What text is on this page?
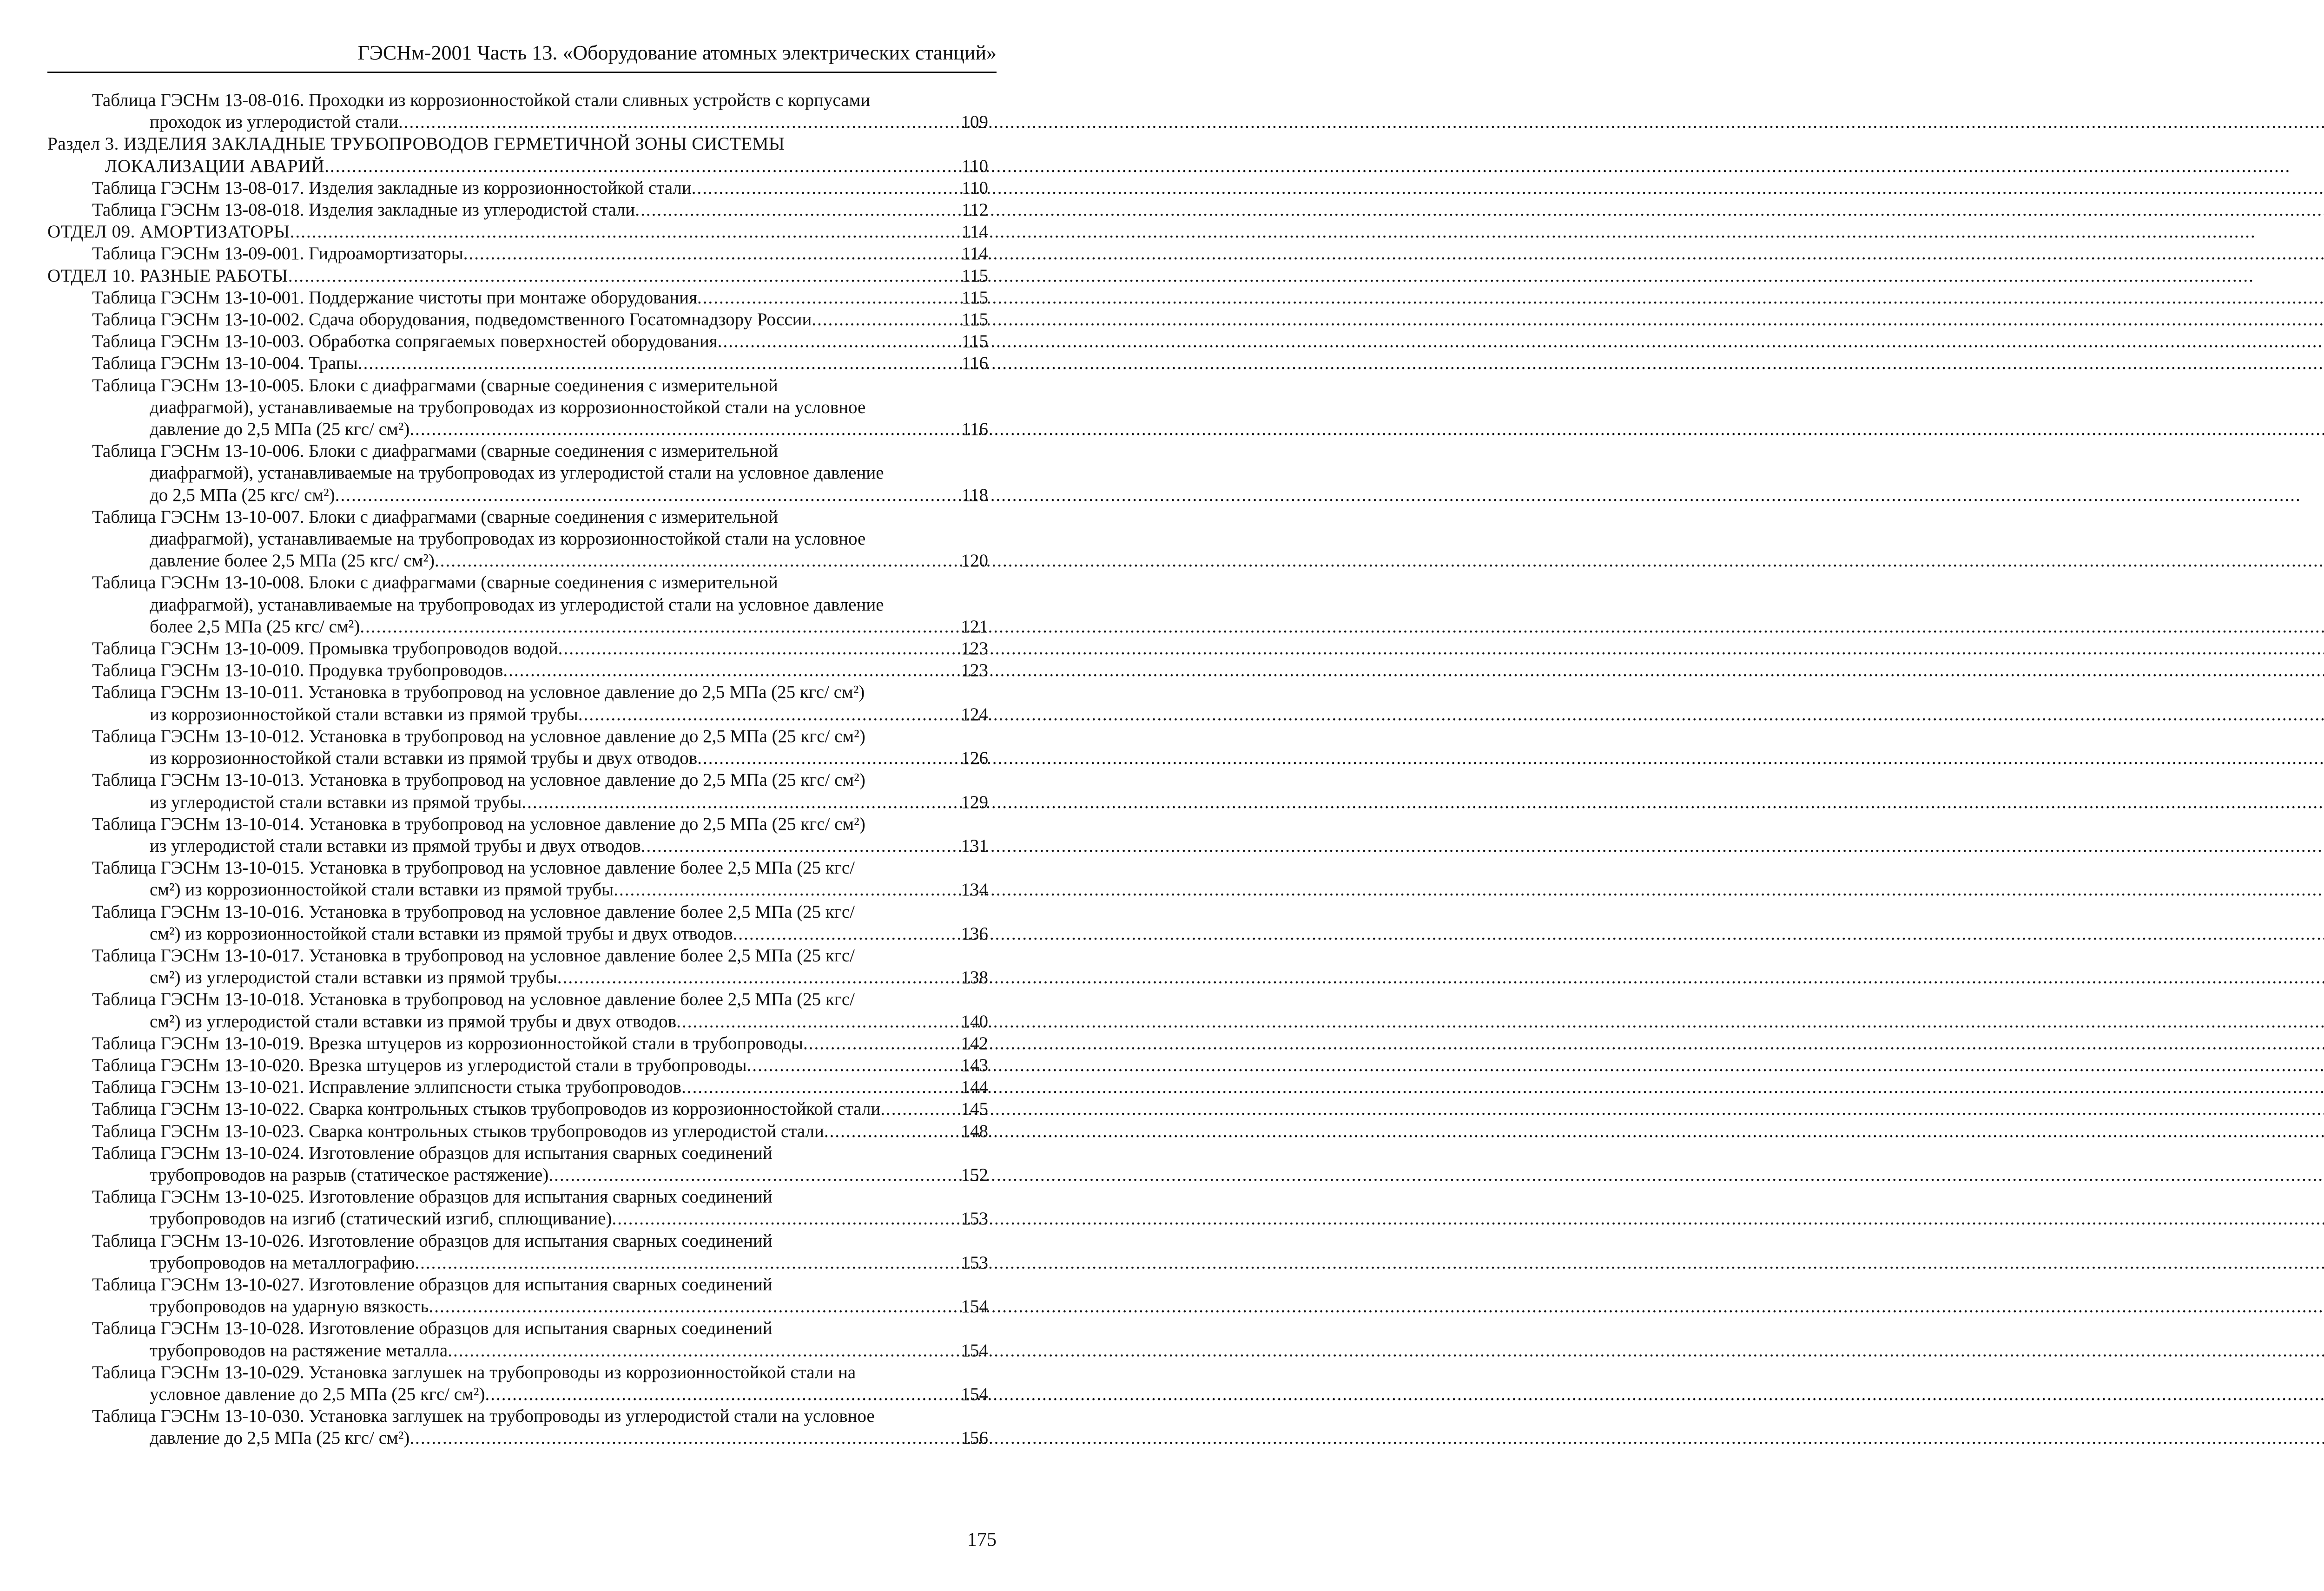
ГЭСНм-2001 Часть 13. «Оборудование атомных электрических станций»
Таблица ГЭСНм 13-08-016. Проходки из коррозионностойкой стали сливных устройств с корпусами
проходок из углеродистой стали .....	109
Раздел 3. ИЗДЕЛИЯ ЗАКЛАДНЫЕ ТРУБОПРОВОДОВ ГЕРМЕТИЧНОЙ ЗОНЫ СИСТЕМЫ
ЛОКАЛИЗАЦИИ АВАРИЙ .....	110
Таблица ГЭСНм 13-08-017. Изделия закладные из коррозионностойкой стали .....	110
Таблица ГЭСНм 13-08-018. Изделия закладные из углеродистой стали .....	112
ОТДЕЛ 09. АМОРТИЗАТОРЫ .....	114
Таблица ГЭСНм 13-09-001. Гидроамортизаторы .....	114
ОТДЕЛ 10. РАЗНЫЕ РАБОТЫ .....	115
Таблица ГЭСНм 13-10-001. Поддержание чистоты при монтаже оборудования .....	115
Таблица ГЭСНм 13-10-002. Сдача оборудования, подведомственного Госатомнадзору России .....	115
Таблица ГЭСНм 13-10-003. Обработка сопрягаемых поверхностей оборудования .....	115
Таблица ГЭСНм 13-10-004. Трапы .....	116
Таблица ГЭСНм 13-10-005. Блоки с диафрагмами (сварные соединения с измерительной
диафрагмой), устанавливаемые на трубопроводах из коррозионностойкой стали на условное
давление до 2,5 МПа (25 кгс/ см²) .....	116
Таблица ГЭСНм 13-10-006. Блоки с диафрагмами (сварные соединения с измерительной
диафрагмой), устанавливаемые на трубопроводах из углеродистой стали на условное давление
до 2,5 МПа (25 кгс/ см²) .....	118
Таблица ГЭСНм 13-10-007. Блоки с диафрагмами (сварные соединения с измерительной
диафрагмой), устанавливаемые на трубопроводах из коррозионностойкой стали на условное
давление более 2,5 МПа (25 кгс/ см²) .....	120
Таблица ГЭСНм 13-10-008. Блоки с диафрагмами (сварные соединения с измерительной
диафрагмой), устанавливаемые на трубопроводах из углеродистой стали на условное давление
более 2,5 МПа (25 кгс/ см²) .....	121
Таблица ГЭСНм 13-10-009. Промывка трубопроводов водой .....	123
Таблица ГЭСНм 13-10-010. Продувка трубопроводов .....	123
Таблица ГЭСНм 13-10-011. Установка в трубопровод на условное давление до 2,5 МПа (25 кгс/ см²)
из коррозионностойкой стали вставки из прямой трубы .....	124
Таблица ГЭСНм 13-10-012. Установка в трубопровод на условное давление до 2,5 МПа (25 кгс/ см²)
из коррозионностойкой стали вставки из прямой трубы и двух отводов .....	126
Таблица ГЭСНм 13-10-013. Установка в трубопровод на условное давление до 2,5 МПа (25 кгс/ см²)
из углеродистой стали вставки из прямой трубы .....	129
Таблица ГЭСНм 13-10-014. Установка в трубопровод на условное давление до 2,5 МПа (25 кгс/ см²)
из углеродистой стали вставки из прямой трубы и двух отводов .....	131
Таблица ГЭСНм 13-10-015. Установка в трубопровод на условное давление более 2,5 МПа (25 кгс/
см²) из коррозионностойкой стали вставки из прямой трубы .....	134
Таблица ГЭСНм 13-10-016. Установка в трубопровод на условное давление более 2,5 МПа (25 кгс/
см²) из коррозионностойкой стали вставки из прямой трубы и двух отводов .....	136
Таблица ГЭСНм 13-10-017. Установка в трубопровод на условное давление более 2,5 МПа (25 кгс/
см²) из углеродистой стали вставки из прямой трубы .....	138
Таблица ГЭСНм 13-10-018. Установка в трубопровод на условное давление более 2,5 МПа (25 кгс/
см²) из углеродистой стали вставки из прямой трубы и двух отводов .....	140
Таблица ГЭСНм 13-10-019. Врезка штуцеров из коррозионностойкой стали в трубопроводы .....	142
Таблица ГЭСНм 13-10-020. Врезка штуцеров из углеродистой стали в трубопроводы .....	143
Таблица ГЭСНм 13-10-021. Исправление эллипсности стыка трубопроводов .....	144
Таблица ГЭСНм 13-10-022. Сварка контрольных стыков трубопроводов из коррозионностойкой стали .....	145
Таблица ГЭСНм 13-10-023. Сварка контрольных стыков трубопроводов из углеродистой стали .....	148
Таблица ГЭСНм 13-10-024. Изготовление образцов для испытания сварных соединений
трубопроводов на разрыв (статическое растяжение) .....	152
Таблица ГЭСНм 13-10-025. Изготовление образцов для испытания сварных соединений
трубопроводов на изгиб (статический изгиб, сплющивание) .....	153
Таблица ГЭСНм 13-10-026. Изготовление образцов для испытания сварных соединений
трубопроводов на металлографию .....	153
Таблица ГЭСНм 13-10-027. Изготовление образцов для испытания сварных соединений
трубопроводов на ударную вязкость .....	154
Таблица ГЭСНм 13-10-028. Изготовление образцов для испытания сварных соединений
трубопроводов на растяжение металла .....	154
Таблица ГЭСНм 13-10-029. Установка заглушек на трубопроводы из коррозионностойкой стали на
условное давление до 2,5 МПа (25 кгс/ см²) .....	154
Таблица ГЭСНм 13-10-030. Установка заглушек на трубопроводы из углеродистой стали на условное
давление до 2,5 МПа (25 кгс/ см²) .....	156
175
